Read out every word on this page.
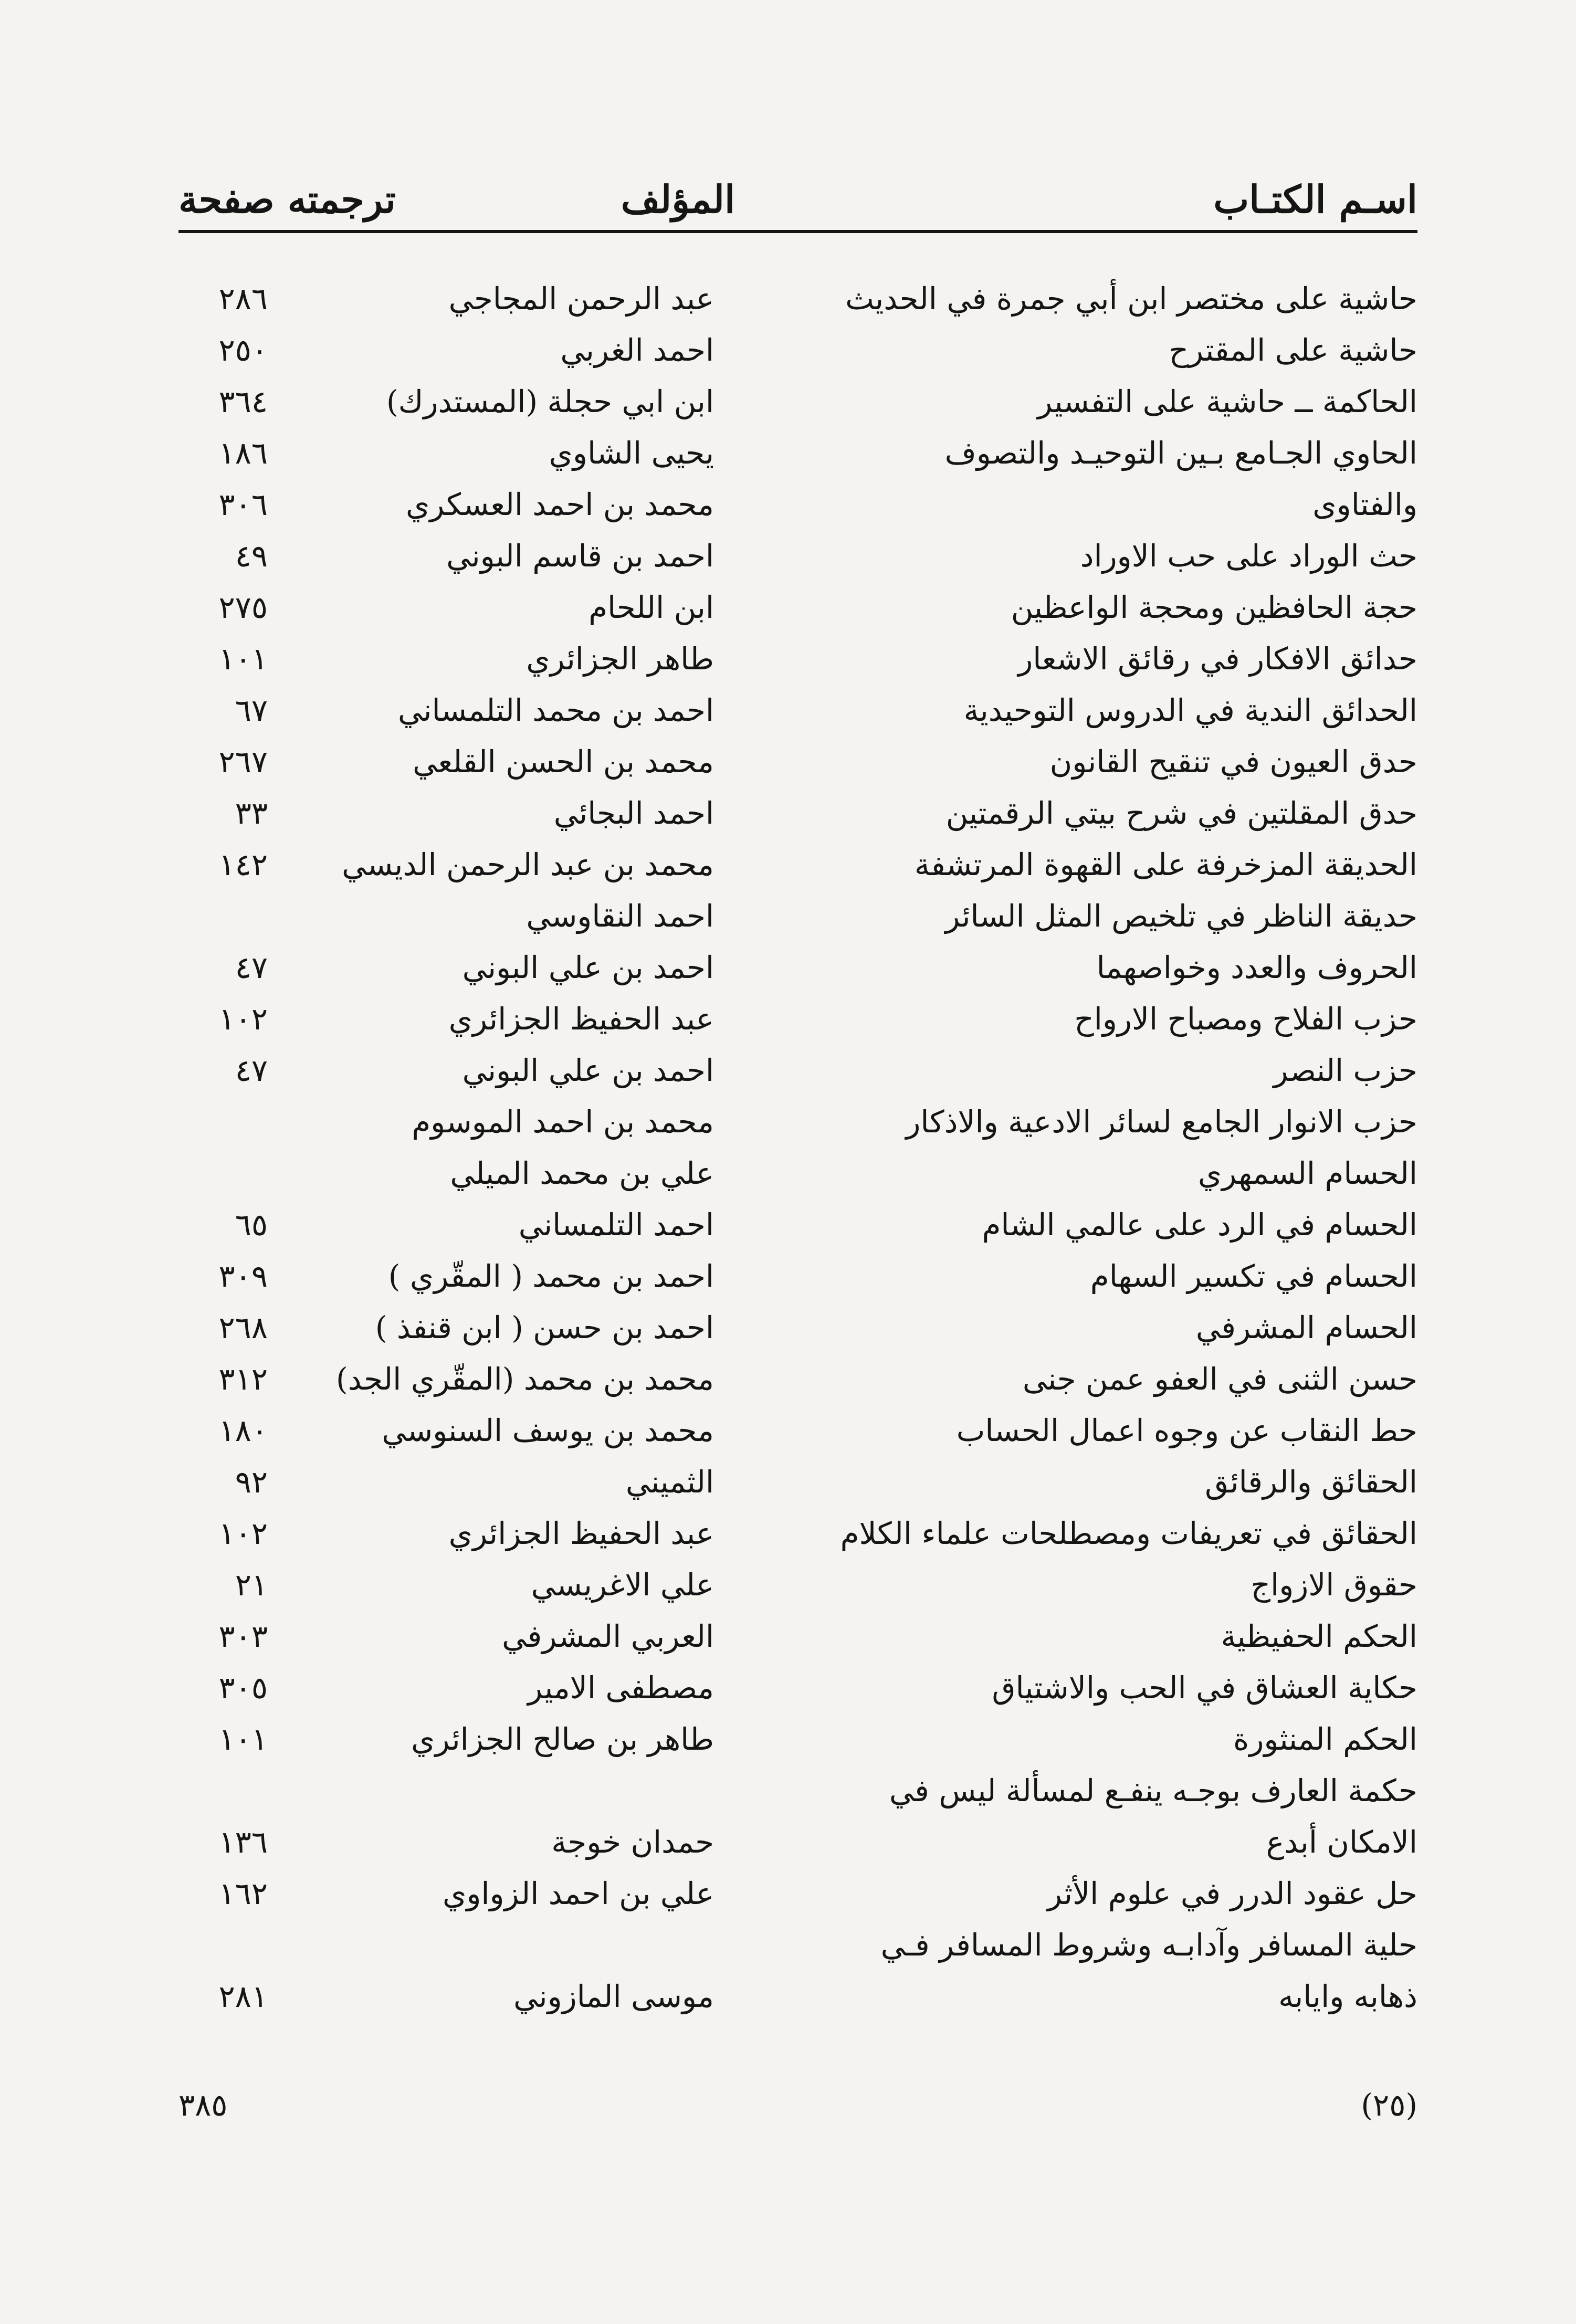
اسـم الكتـاب
المؤلف
ترجمته صفحة
حاشية على مختصر ابن أبي جمرة في الحديث
عبد الرحمن المجاجي
٢٨٦
حاشية على المقترح
احمد الغربي
٢٥٠
الحاكمة ــ حاشية على التفسير
ابن ابي حجلة (المستدرك)
٣٦٤
الحاوي الجـامع بـين التوحيـد والتصوف
يحيى الشاوي
١٨٦
والفتاوى
محمد بن احمد العسكري
٣٠٦
حث الوراد على حب الاوراد
احمد بن قاسم البوني
٤٩
حجة الحافظين ومحجة الواعظين
ابن اللحام
٢٧٥
حدائق الافكار في رقائق الاشعار
طاهر الجزائري
١٠١
الحدائق الندية في الدروس التوحيدية
احمد بن محمد التلمساني
٦٧
حدق العيون في تنقيح القانون
محمد بن الحسن القلعي
٢٦٧
حدق المقلتين في شرح بيتي الرقمتين
احمد البجائي
٣٣
الحديقة المزخرفة على القهوة المرتشفة
محمد بن عبد الرحمن الديسي
١٤٢
حديقة الناظر في تلخيص المثل السائر
احمد النقاوسي
الحروف والعدد وخواصهما
احمد بن علي البوني
٤٧
حزب الفلاح ومصباح الارواح
عبد الحفيظ الجزائري
١٠٢
حزب النصر
احمد بن علي البوني
٤٧
حزب الانوار الجامع لسائر الادعية والاذكار
محمد بن احمد الموسوم
الحسام السمهري
علي بن محمد الميلي
الحسام في الرد على عالمي الشام
احمد التلمساني
٦٥
الحسام في تكسير السهام
احمد بن محمد ( المقّري )
٣٠٩
الحسام المشرفي
احمد بن حسن ( ابن قنفذ )
٢٦٨
حسن الثنى في العفو عمن جنى
محمد بن محمد (المقّري الجد)
٣١٢
حط النقاب عن وجوه اعمال الحساب
محمد بن يوسف السنوسي
١٨٠
الحقائق والرقائق
الثميني
٩٢
الحقائق في تعريفات ومصطلحات علماء الكلام
عبد الحفيظ الجزائري
١٠٢
حقوق الازواج
علي الاغريسي
٢١
الحكم الحفيظية
العربي المشرفي
٣٠٣
حكاية العشاق في الحب والاشتياق
مصطفى الامير
٣٠٥
الحكم المنثورة
طاهر بن صالح الجزائري
١٠١
حكمة العارف بوجـه ينفـع لمسألة ليس في
الامكان أبدع
حمدان خوجة
١٣٦
حل عقود الدرر في علوم الأثر
علي بن احمد الزواوي
١٦٢
حلية المسافر وآدابـه وشروط المسافر فـي
ذهابه وايابه
موسى المازوني
٢٨١
٣٨٥	(٢٥)
